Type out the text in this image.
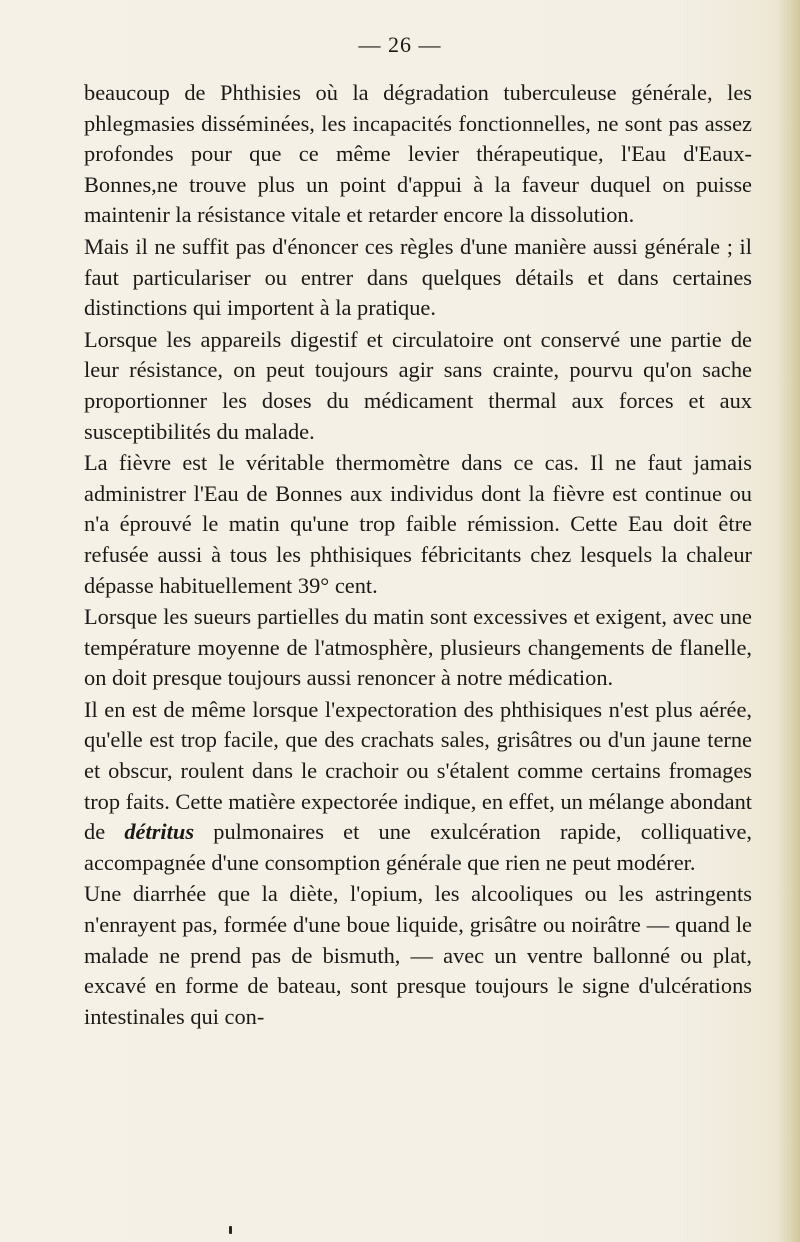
— 26 —

beaucoup de Phthisies où la dégradation tuberculeuse générale, les phlegmasies disséminées, les incapacités fonctionnelles, ne sont pas assez profondes pour que ce même levier thérapeutique, l'Eau d'Eaux-Bonnes,ne trouve plus un point d'appui à la faveur duquel on puisse maintenir la résistance vitale et retarder encore la dissolution.

Mais il ne suffit pas d'énoncer ces règles d'une manière aussi générale ; il faut particulariser ou entrer dans quelques détails et dans certaines distinctions qui importent à la pratique.

Lorsque les appareils digestif et circulatoire ont conservé une partie de leur résistance, on peut toujours agir sans crainte, pourvu qu'on sache proportionner les doses du médicament thermal aux forces et aux susceptibilités du malade.

La fièvre est le véritable thermomètre dans ce cas. Il ne faut jamais administrer l'Eau de Bonnes aux individus dont la fièvre est continue ou n'a éprouvé le matin qu'une trop faible rémission. Cette Eau doit être refusée aussi à tous les phthisiques fébricitants chez lesquels la chaleur dépasse habituellement 39° cent.

Lorsque les sueurs partielles du matin sont excessives et exigent, avec une température moyenne de l'atmosphère, plusieurs changements de flanelle, on doit presque toujours aussi renoncer à notre médication.

Il en est de même lorsque l'expectoration des phthisiques n'est plus aérée, qu'elle est trop facile, que des crachats sales, grisâtres ou d'un jaune terne et obscur, roulent dans le crachoir ou s'étalent comme certains fromages trop faits. Cette matière expectorée indique, en effet, un mélange abondant de détritus pulmonaires et une exulcération rapide, colliquative, accompagnée d'une consomption générale que rien ne peut modérer.

Une diarrhée que la diète, l'opium, les alcooliques ou les astringents n'enrayent pas, formée d'une boue liquide, grisâtre ou noirâtre — quand le malade ne prend pas de bismuth, — avec un ventre ballonné ou plat, excavé en forme de bateau, sont presque toujours le signe d'ulcérations intestinales qui con-
